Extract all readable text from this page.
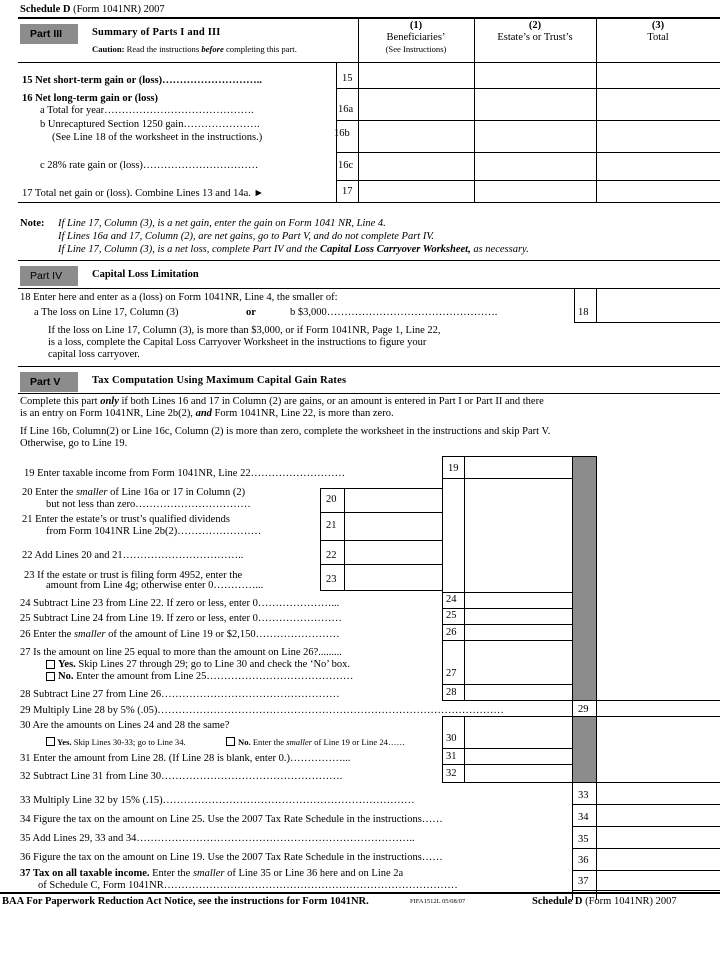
Schedule D (Form 1041NR) 2007
Part III	Summary of Parts I and III
Caution: Read the instructions before completing this part.
(1)
Beneficiaries’
(See Instructions)
(2)
Estate’s or Trust’s
(3)
Total
15 Net short-term gain or (loss)………………………..	15
16 Net long-term gain or (loss)
a Total for year…………………………………….	16a
b Unrecaptured Section 1250 gain………………….
(See Line 18 of the worksheet in the instructions.)	16b
c 28% rate gain or (loss)……………………………	16c
17 Total net gain or (loss). Combine Lines 13 and 14a. ►	17
Note: If Line 17, Column (3), is a net gain, enter the gain on Form 1041 NR, Line 4.
If Lines 16a and 17, Column (2), are net gains, go to Part V, and do not complete Part IV.
If Line 17, Column (3), is a net loss, complete Part IV and the Capital Loss Carryover Worksheet, as necessary.
Part IV	Capital Loss Limitation
18 Enter here and enter as a (loss) on Form 1041NR, Line 4, the smaller of:
a The loss on Line 17, Column (3)	or	b $3,000………………………………………….	18
If the loss on Line 17, Column (3), is more than $3,000, or if Form 1041NR, Page 1, Line 22,
is a loss, complete the Capital Loss Carryover Worksheet in the instructions to figure your
capital loss carryover.
Part V	Tax Computation Using Maximum Capital Gain Rates
Complete this part only if both Lines 16 and 17 in Column (2) are gains, or an amount is entered in Part I or Part II and there
is an entry on Form 1041NR, Line 2b(2), and Form 1041NR, Line 22, is more than zero.
If Line 16b, Column(2) or Line 16c, Column (2) is more than zero, complete the worksheet in the instructions and skip Part V.
Otherwise, go to Line 19.
19 Enter taxable income from Form 1041NR, Line 22………………………	19
20 Enter the smaller of Line 16a or 17 in Column (2)
but not less than zero……………………………	20
21 Enter the estate’s or trust’s qualified dividends
from Form 1041NR Line 2b(2)……………………
21
22 Add Lines 20 and 21……………………………..	22
23 If the estate or trust is filing form 4952, enter the
amount from Line 4g; otherwise enter 0…………...
23
24 Subtract Line 23 from Line 22. If zero or less, enter 0…………………...	24
25 Subtract Line 24 from Line 19. If zero or less, enter 0……………………	25
26 Enter the smaller of the amount of Line 19 or $2,150……………………	26
27 Is the amount on line 25 equal to more than the amount on Line 26?.........
Yes. Skip Lines 27 through 29; go to Line 30 and check the ‘No’ box.
No. Enter the amount from Line 25……………………………………	27
28 Subtract Line 27 from Line 26……………………………………………	28
29 Multiply Line 28 by 5% (.05)………………………………………………………………………………………	29
30 Are the amounts on Lines 24 and 28 the same?
Yes. Skip Lines 30-33; go to Line 34.	No. Enter the smaller of Line 19 or Line 24……	30
31 Enter the amount from Line 28. (If Line 28 is blank, enter 0.)……………...	31
32 Subtract Line 31 from Line 30…………………………………………….	32
33 Multiply Line 32 by 15% (.15)………………………………………………………………	33
34 Figure the tax on the amount on Line 25. Use the 2007 Tax Rate Schedule in the instructions……	34
35 Add Lines 29, 33 and 34……………………………………………………………………..	35
36 Figure the tax on the amount on Line 19. Use the 2007 Tax Rate Schedule in the instructions……	36
37 Tax on all taxable income. Enter the smaller of Line 35 or Line 36 here and on Line 2a
of Schedule C, Form 1041NR…………………………………………………………………………	37
BAA For Paperwork Reduction Act Notice, see the instructions for Form 1041NR.	FIFA1512L 05/08/07	Schedule D (Form 1041NR) 2007
